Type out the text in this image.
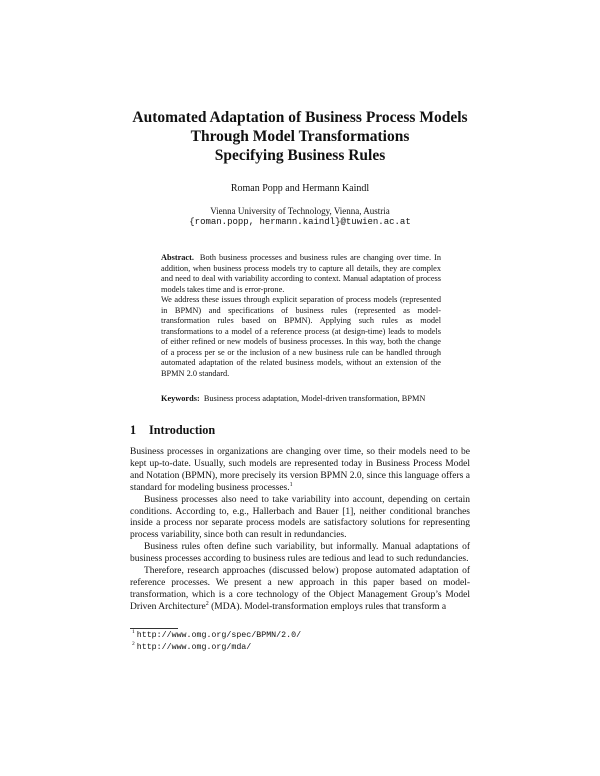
Automated Adaptation of Business Process Models
Through Model Transformations
Specifying Business Rules
Roman Popp and Hermann Kaindl
Vienna University of Technology, Vienna, Austria
{roman.popp, hermann.kaindl}@tuwien.ac.at

Abstract. Both business processes and business rules are changing over time. In addition, when business process models try to capture all details, they are complex and need to deal with variability according to context. Manual adaptation of process models takes time and is error-prone.

We address these issues through explicit separation of process models (represented in BPMN) and specifications of business rules (represented as model-transformation rules based on BPMN). Applying such rules as model transformations to a model of a reference process (at design-time) leads to models of either refined or new models of business processes. In this way, both the change of a process per se or the inclusion of a new business rule can be handled through automated adaptation of the related business models, without an extension of the BPMN 2.0 standard.

Keywords: Business process adaptation, Model-driven transformation, BPMN
1 Introduction

Business processes in organizations are changing over time, so their models need to be kept up-to-date. Usually, such models are represented today in Business Process Model and Notation (BPMN), more precisely its version BPMN 2.0, since this language offers a standard for modeling business processes.$^1$

Business processes also need to take variability into account, depending on certain conditions. According to, e.g., Hallerbach and Bauer [1], neither conditional branches inside a process nor separate process models are satisfactory solutions for representing process variability, since both can result in redundancies.

Business rules often define such variability, but informally. Manual adaptations of business processes according to business rules are tedious and lead to such redundancies.

Therefore, research approaches (discussed below) propose automated adaptation of reference processes. We present a new approach in this paper based on model-transformation, which is a core technology of the Object Management Group’s Model Driven Architecture$^2$ (MDA). Model-transformation employs rules that transform a

$^1$ http://www.omg.org/spec/BPMN/2.0/
$^2$ http://www.omg.org/mda/
